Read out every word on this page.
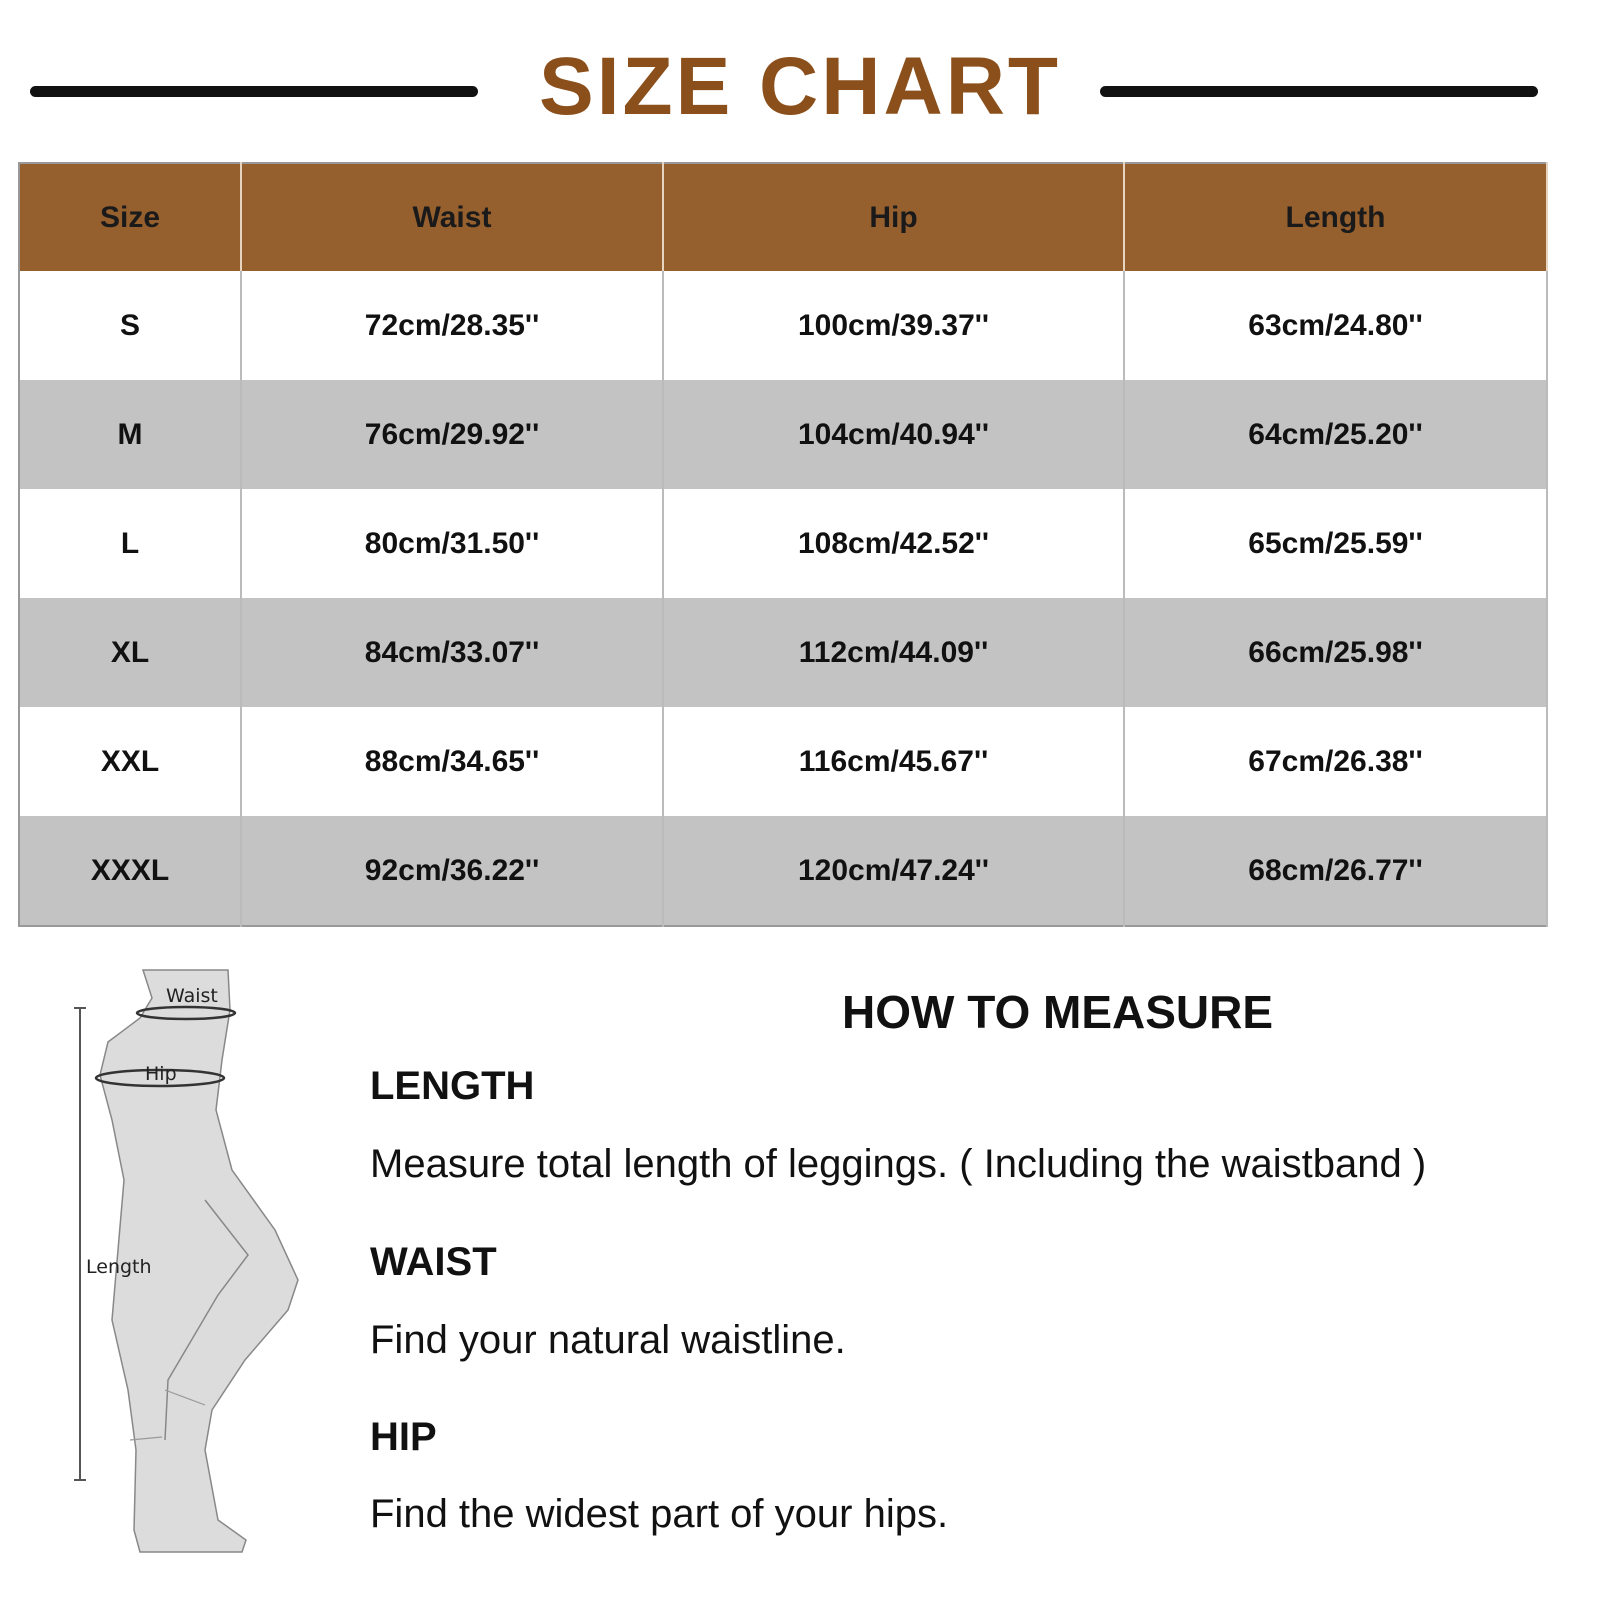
SIZE CHART
Size	Waist	Hip	Length
S	72cm/28.35''	100cm/39.37''	63cm/24.80''
M	76cm/29.92''	104cm/40.94''	64cm/25.20''
L	80cm/31.50''	108cm/42.52''	65cm/25.59''
XL	84cm/33.07''	112cm/44.09''	66cm/25.98''
XXL	88cm/34.65''	116cm/45.67''	67cm/26.38''
XXXL	92cm/36.22''	120cm/47.24''	68cm/26.77''
Waist
Hip
Length
HOW TO MEASURE
LENGTH
Measure total length of leggings. ( Including the waistband )
WAIST
Find your natural waistline.
HIP
Find the widest part of your hips.
